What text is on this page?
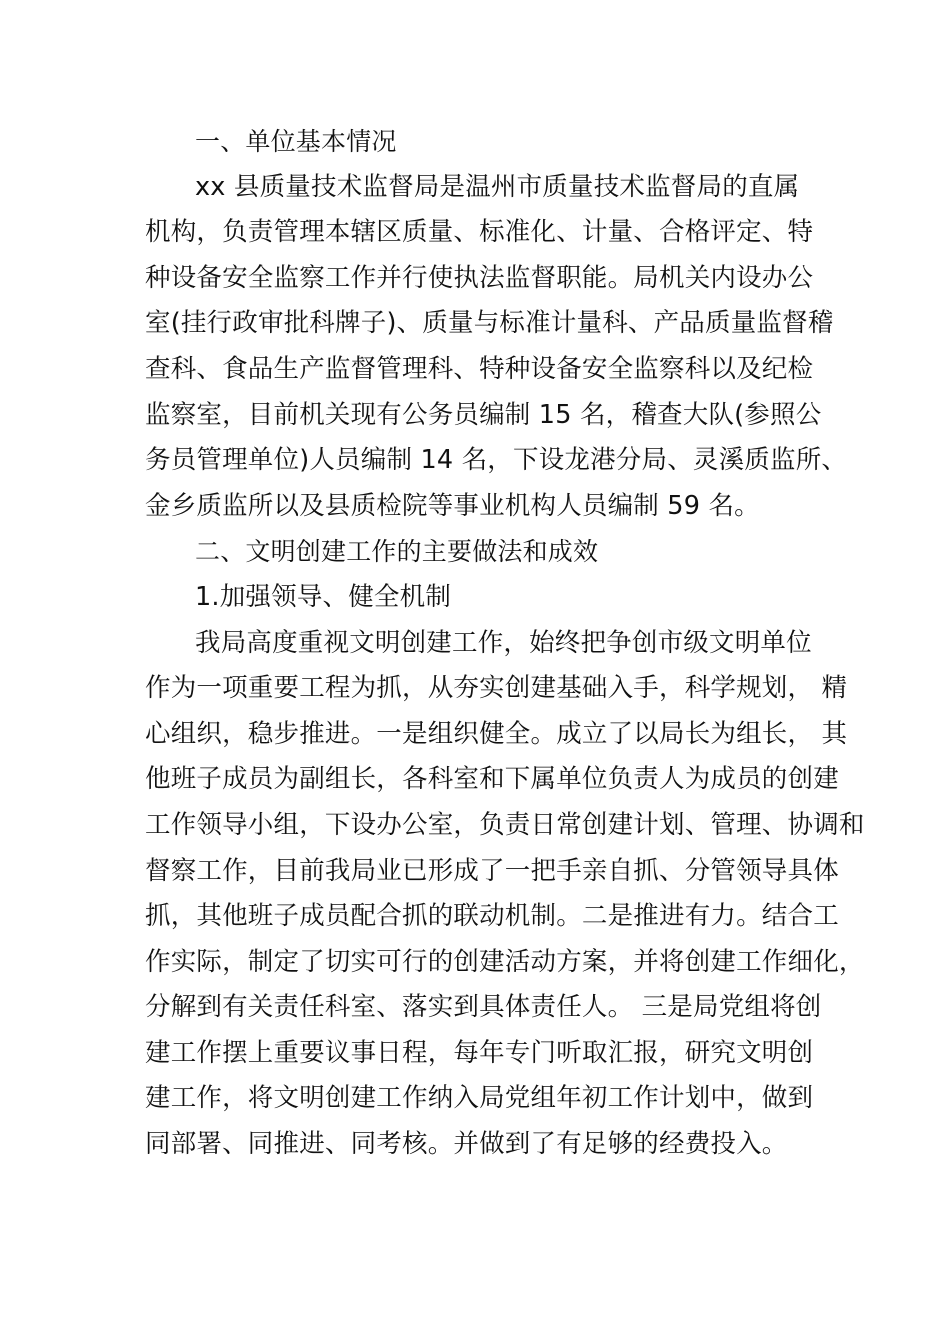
一、单位基本情况
xx 县质量技术监督局是温州市质量技术监督局的直属
机构，负责管理本辖区质量、标准化、计量、合格评定、特
种设备安全监察工作并行使执法监督职能。局机关内设办公
室(挂行政审批科牌子)、质量与标准计量科、产品质量监督稽
查科、食品生产监督管理科、特种设备安全监察科以及纪检
监察室，目前机关现有公务员编制 15 名，稽查大队(参照公
务员管理单位)人员编制 14 名，下设龙港分局、灵溪质监所、
金乡质监所以及县质检院等事业机构人员编制 59 名。
二、文明创建工作的主要做法和成效
1.加强领导、健全机制
我局高度重视文明创建工作，始终把争创市级文明单位
作为一项重要工程为抓，从夯实创建基础入手，科学规划， 精
心组织，稳步推进。一是组织健全。成立了以局长为组长， 其
他班子成员为副组长，各科室和下属单位负责人为成员的创建
工作领导小组，下设办公室，负责日常创建计划、管理、协调和
督察工作，目前我局业已形成了一把手亲自抓、分管领导具体
抓，其他班子成员配合抓的联动机制。二是推进有力。结合工
作实际，制定了切实可行的创建活动方案，并将创建工作细化，
分解到有关责任科室、落实到具体责任人。 三是局党组将创
建工作摆上重要议事日程，每年专门听取汇报，研究文明创
建工作，将文明创建工作纳入局党组年初工作计划中，做到
同部署、同推进、同考核。并做到了有足够的经费投入。
